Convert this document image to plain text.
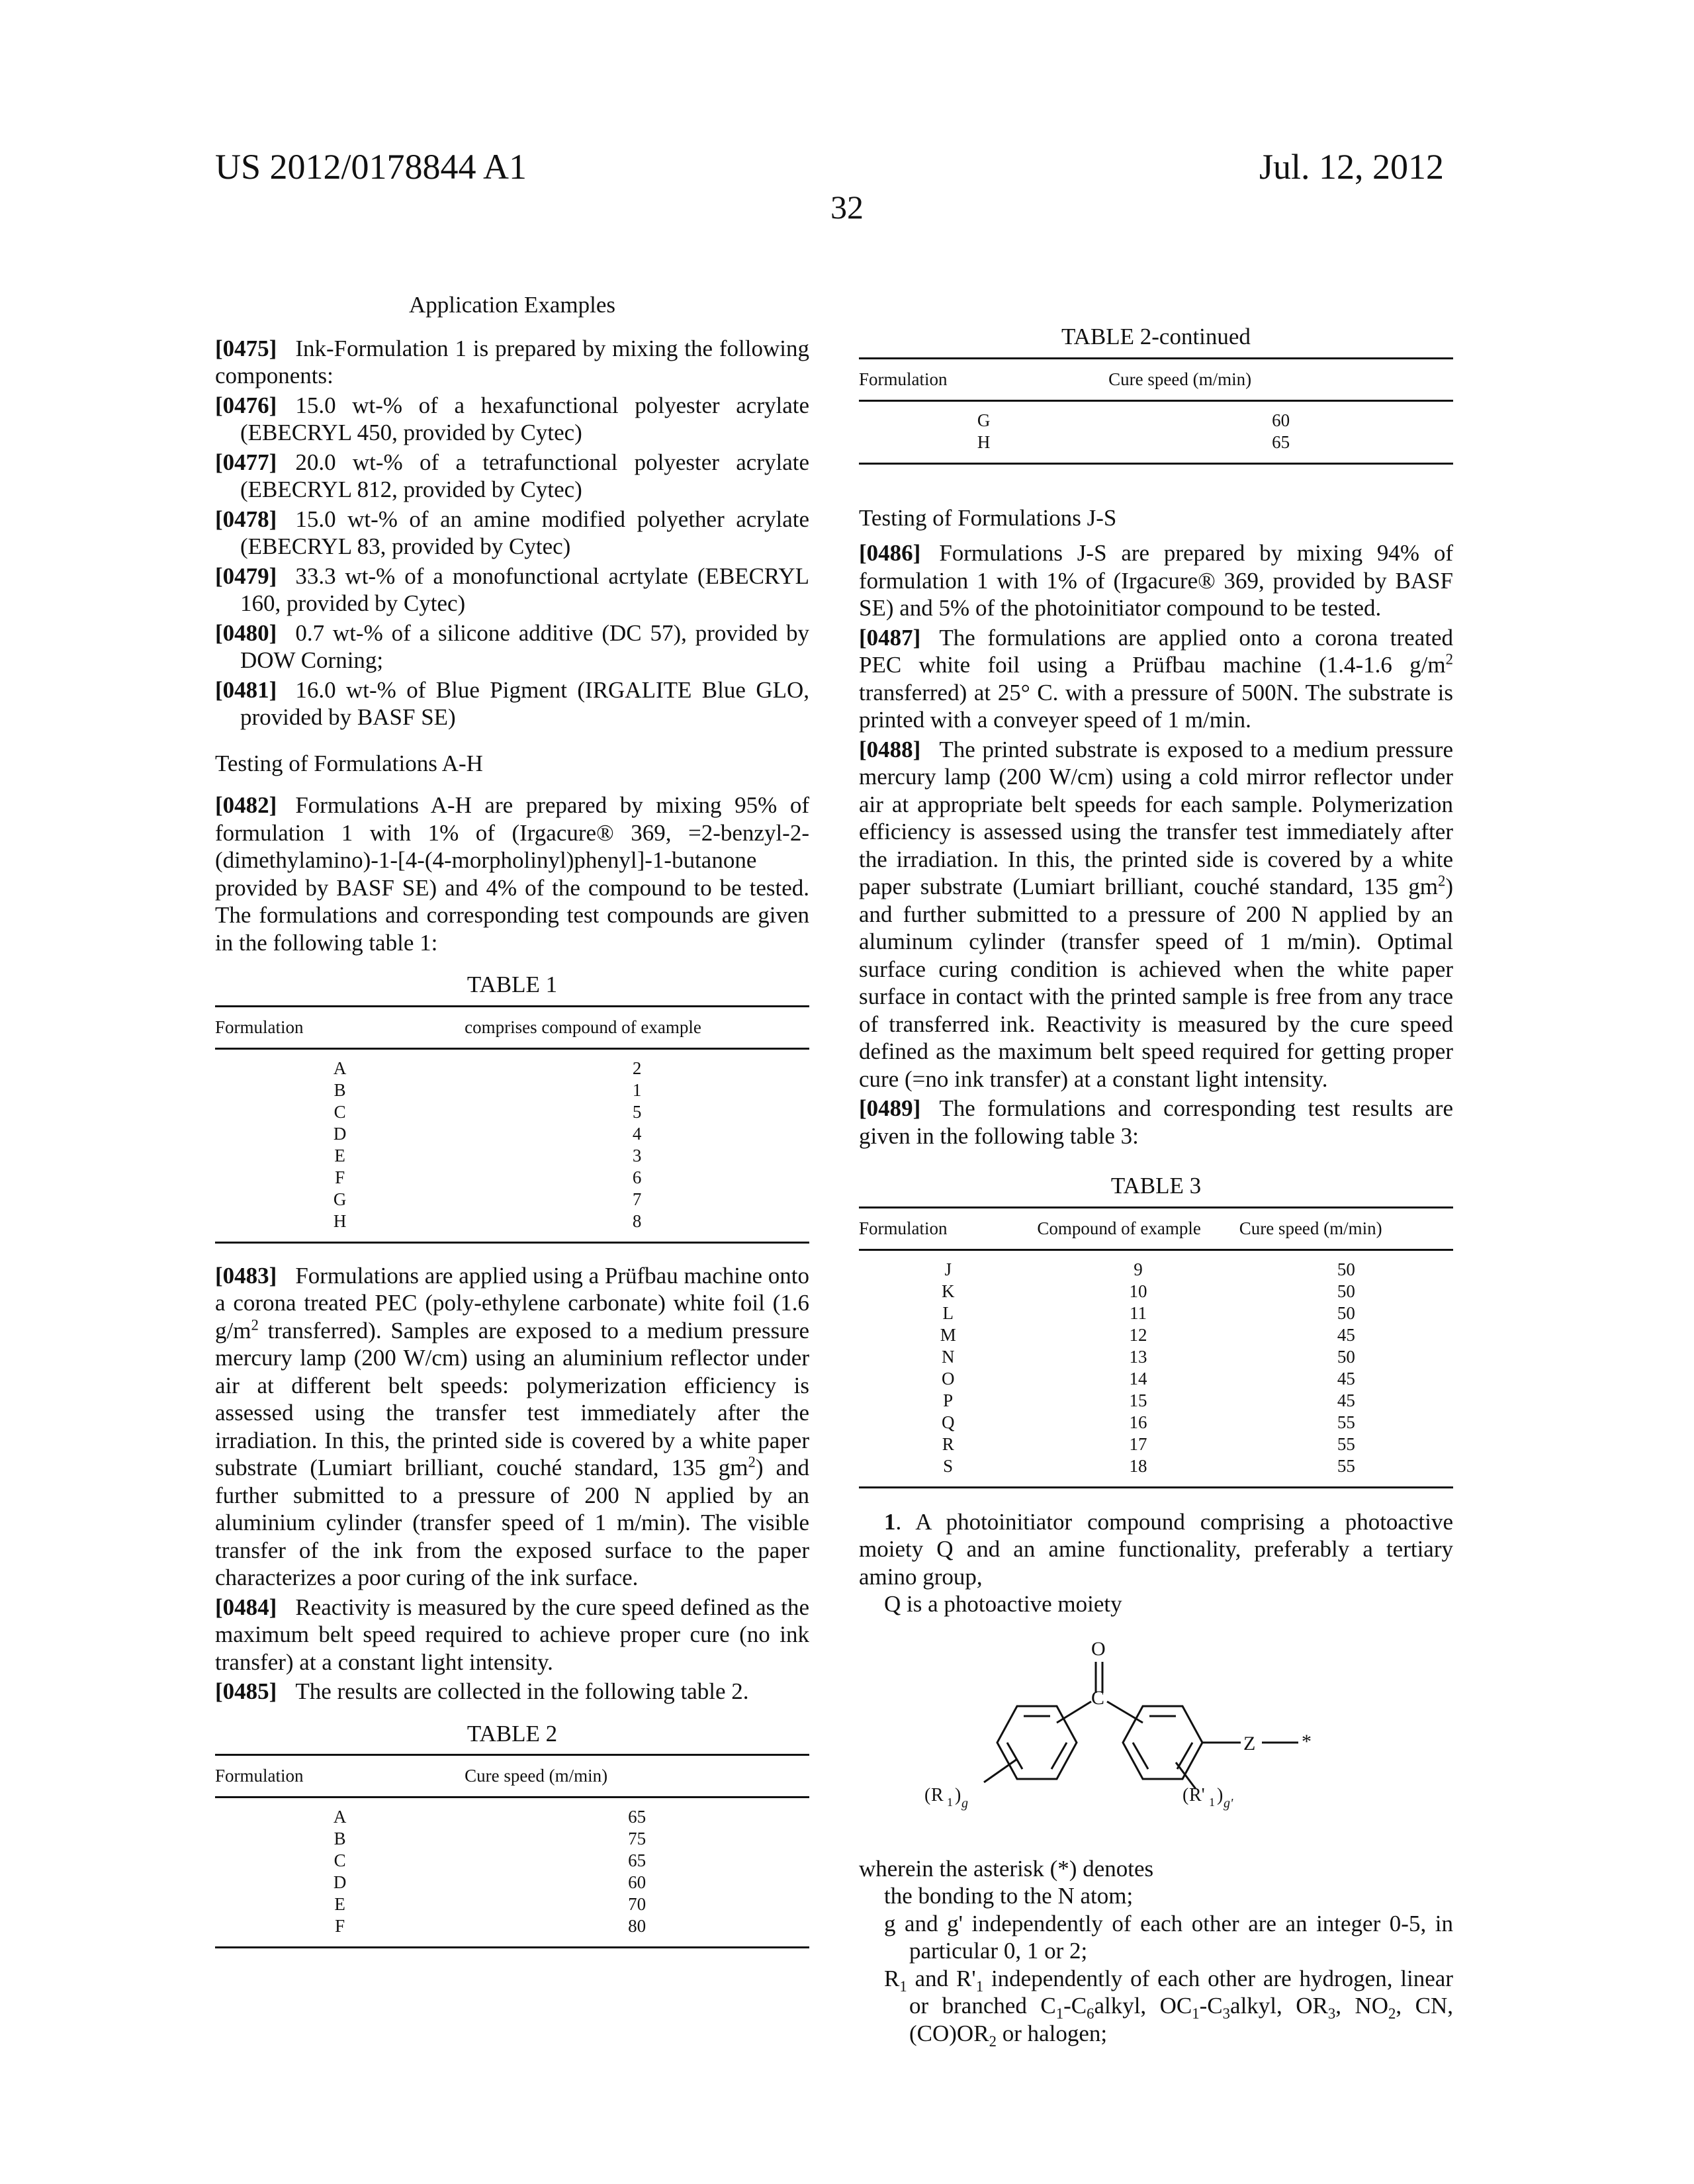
US 2012/0178844 A1	Jul. 12, 2012
32

Application Examples

[0475] Ink-Formulation 1 is prepared by mixing the following components:

[0476] 15.0 wt-% of a hexafunctional polyester acrylate (EBECRYL 450, provided by Cytec)

[0477] 20.0 wt-% of a tetrafunctional polyester acrylate (EBECRYL 812, provided by Cytec)

[0478] 15.0 wt-% of an amine modified polyether acrylate (EBECRYL 83, provided by Cytec)

[0479] 33.3 wt-% of a monofunctional acrtylate (EBECRYL 160, provided by Cytec)

[0480] 0.7 wt-% of a silicone additive (DC 57), provided by DOW Corning;

[0481] 16.0 wt-% of Blue Pigment (IRGALITE Blue GLO, provided by BASF SE)

Testing of Formulations A-H

[0482] Formulations A-H are prepared by mixing 95% of formulation 1 with 1% of (Irgacure® 369, =2-benzyl-2-(dimethylamino)-1-[4-(4-morpholinyl)phenyl]-1-butanone provided by BASF SE) and 4% of the compound to be tested. The formulations and corresponding test compounds are given in the following table 1:

TABLE 1

Formulation	comprises compound of example
A	2
B	1
C	5
D	4
E	3
F	6
G	7
H	8

[0483] Formulations are applied using a Prüfbau machine onto a corona treated PEC (poly-ethylene carbonate) white foil (1.6 g/m2 transferred). Samples are exposed to a medium pressure mercury lamp (200 W/cm) using an aluminium reflector under air at different belt speeds: polymerization efficiency is assessed using the transfer test immediately after the irradiation. In this, the printed side is covered by a white paper substrate (Lumiart brilliant, couché standard, 135 gm2) and further submitted to a pressure of 200 N applied by an aluminium cylinder (transfer speed of 1 m/min). The visible transfer of the ink from the exposed surface to the paper characterizes a poor curing of the ink surface.

[0484] Reactivity is measured by the cure speed defined as the maximum belt speed required to achieve proper cure (no ink transfer) at a constant light intensity.

[0485] The results are collected in the following table 2.

TABLE 2

Formulation	Cure speed (m/min)
A	65
B	75
C	65
D	60
E	70
F	80

TABLE 2-continued

Formulation	Cure speed (m/min)
G	60
H	65

Testing of Formulations J-S

[0486] Formulations J-S are prepared by mixing 94% of formulation 1 with 1% of (Irgacure® 369, provided by BASF SE) and 5% of the photoinitiator compound to be tested.

[0487] The formulations are applied onto a corona treated PEC white foil using a Prüfbau machine (1.4-1.6 g/m2 transferred) at 25° C. with a pressure of 500N. The substrate is printed with a conveyer speed of 1 m/min.

[0488] The printed substrate is exposed to a medium pressure mercury lamp (200 W/cm) using a cold mirror reflector under air at appropriate belt speeds for each sample. Polymerization efficiency is assessed using the transfer test immediately after the irradiation. In this, the printed side is covered by a white paper substrate (Lumiart brilliant, couché standard, 135 gm2) and further submitted to a pressure of 200 N applied by an aluminum cylinder (transfer speed of 1 m/min). Optimal surface curing condition is achieved when the white paper surface in contact with the printed sample is free from any trace of transferred ink. Reactivity is measured by the cure speed defined as the maximum belt speed required for getting proper cure (=no ink transfer) at a constant light intensity.

[0489] The formulations and corresponding test results are given in the following table 3:

TABLE 3

Formulation	Compound of example	Cure speed (m/min)
J	9	50
K	10	50
L	11	50
M	12	45
N	13	50
O	14	45
P	15	45
Q	16	55
R	17	55
S	18	55

1. A photoinitiator compound comprising a photoactive moiety Q and an amine functionality, preferably a tertiary amino group,

Q is a photoactive moiety

O
C
Z *
R
( 1 ) g	( R' 1 ) g'

wherein the asterisk (*) denotes

the bonding to the N atom;

g and g' independently of each other are an integer 0-5, in particular 0, 1 or 2;

R1 and R'1 independently of each other are hydrogen, linear or branched C1-C6alkyl, OC1-C3alkyl, OR3, NO2, CN, (CO)OR2 or halogen;
